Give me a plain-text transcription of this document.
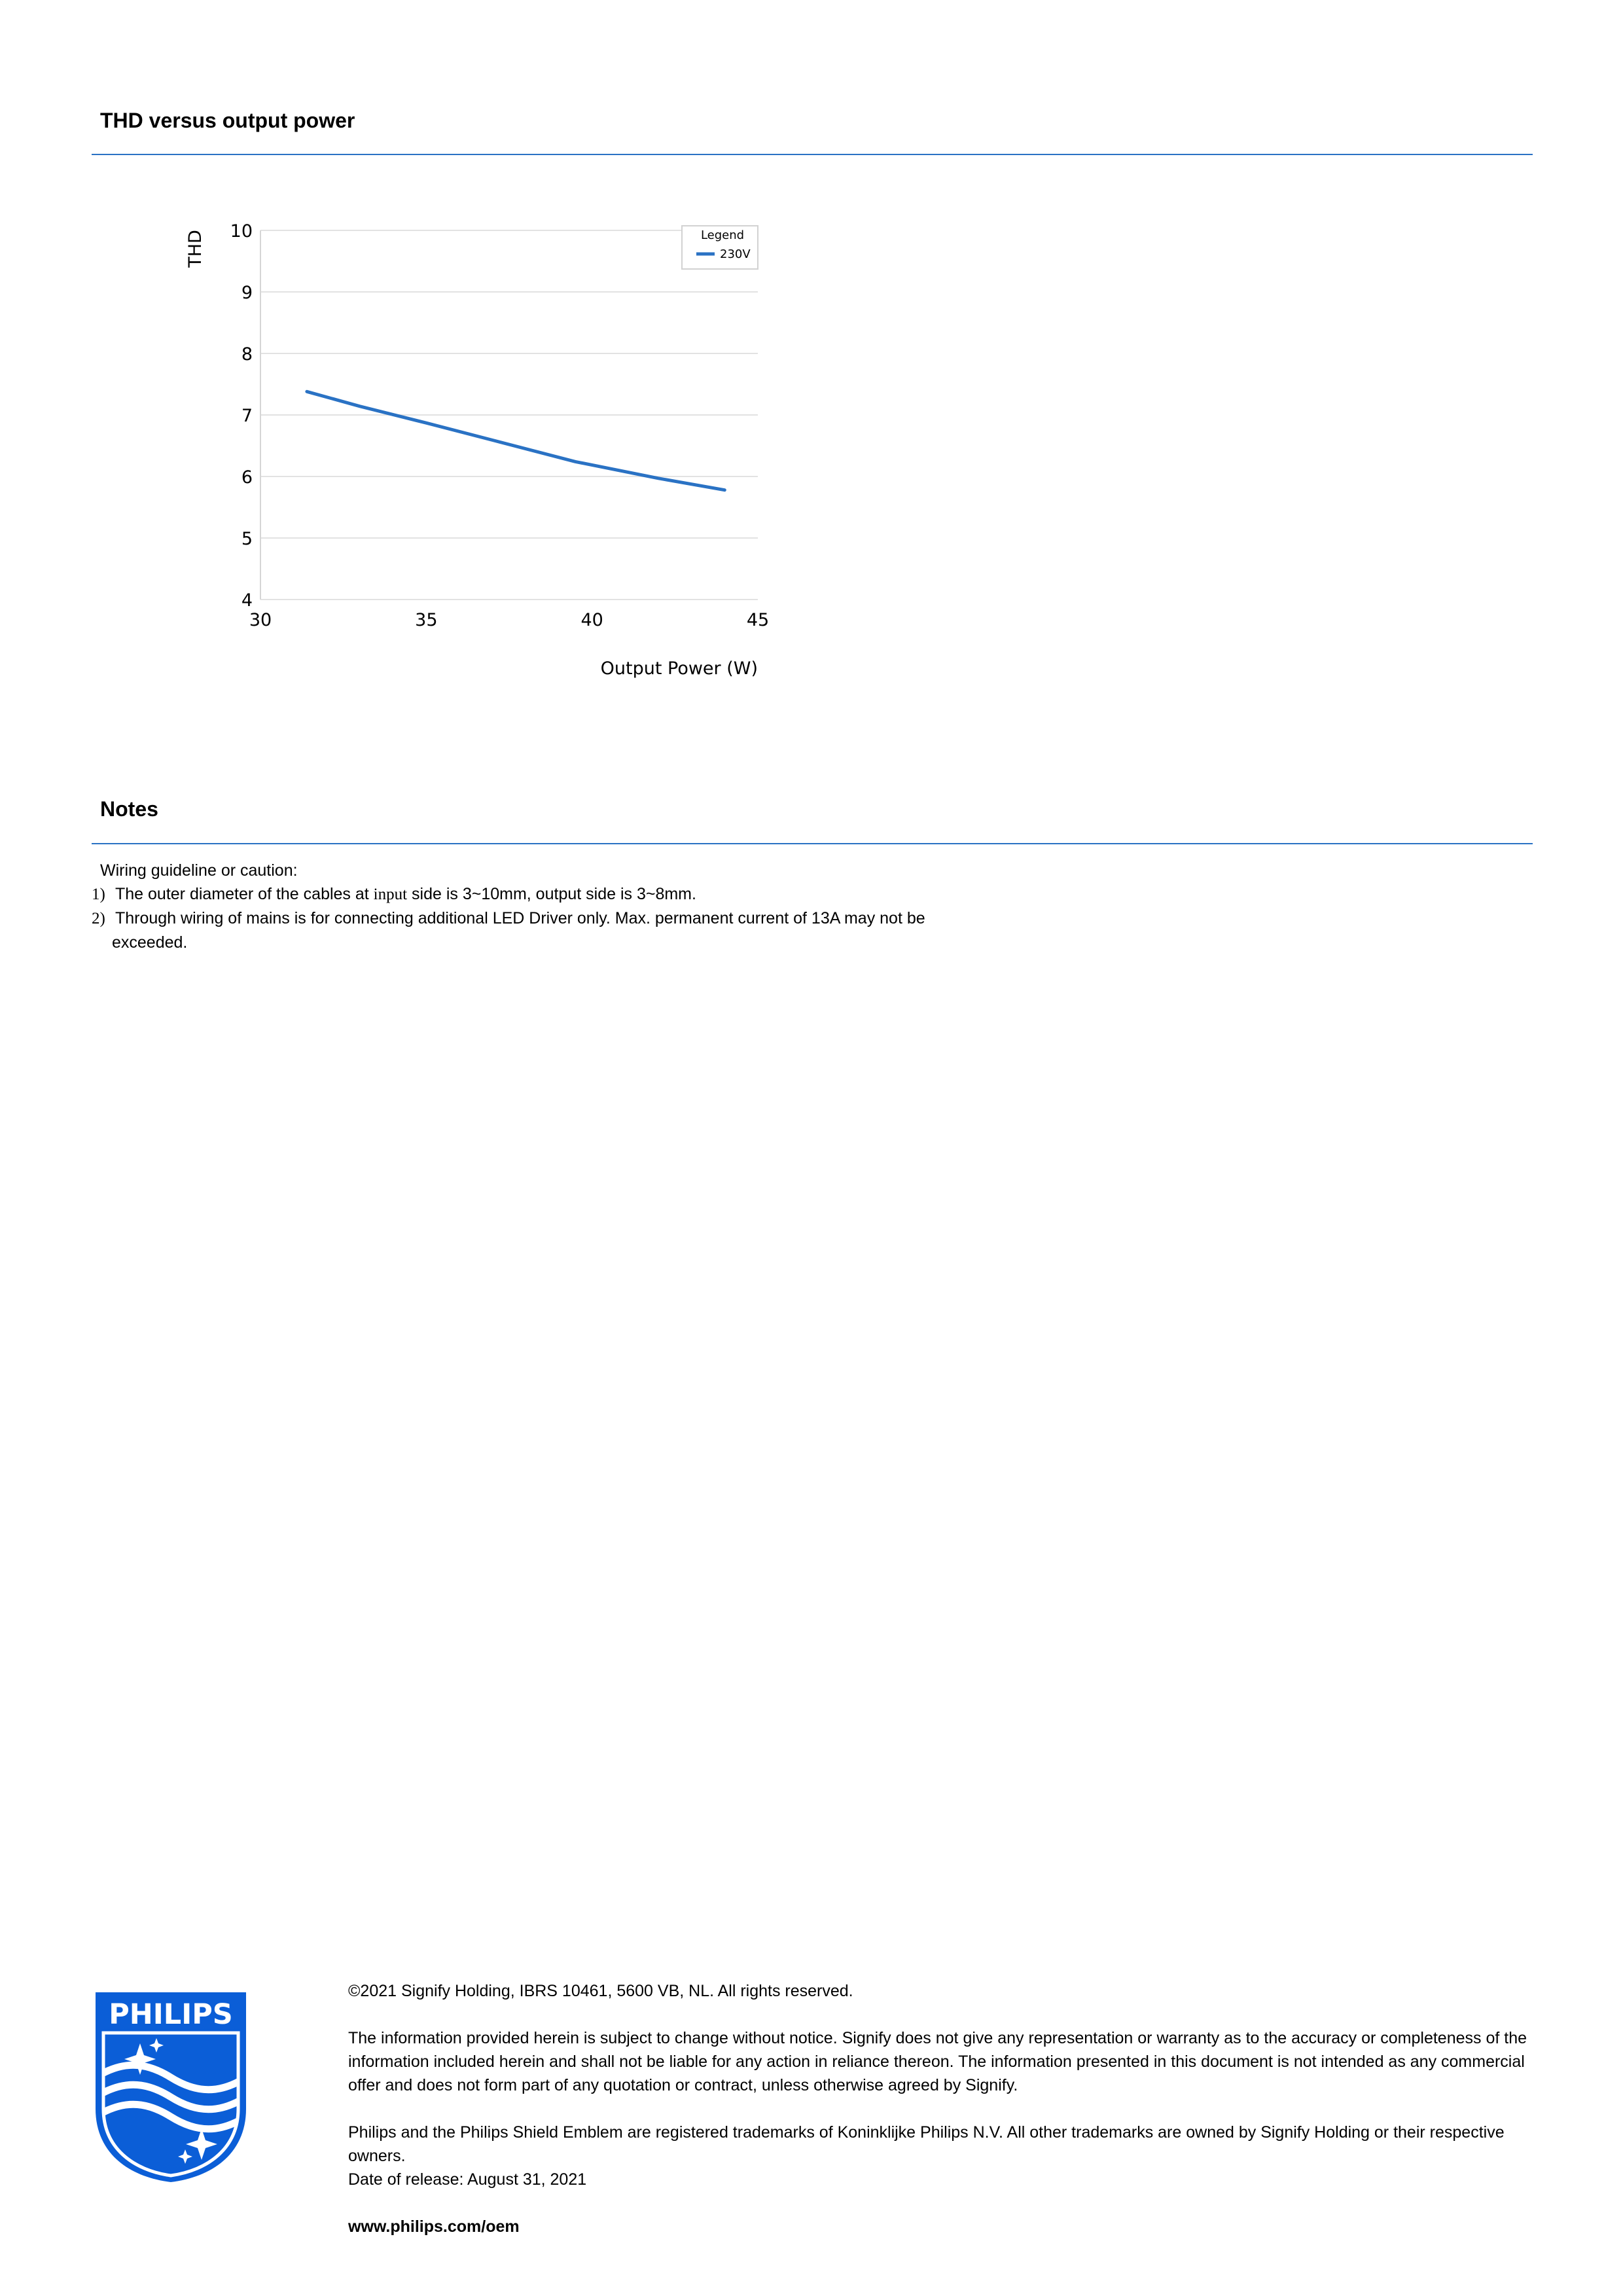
THD versus output power
4
5
6
7
8
9
10
30	35	40	45
THD
Output Power (W)
Legend
230V
Notes
Wiring guideline or caution:
1) The outer diameter of the cables at input side is 3~10mm, output side is 3~8mm.
2) Through wiring of mains is for connecting additional LED Driver only. Max. permanent current of 13A may not be
exceeded.
PHILIPS

©2021 Signify Holding, IBRS 10461, 5600 VB, NL. All rights reserved.

The information provided herein is subject to change without notice. Signify does not give any representation or warranty as to the accuracy or completeness of the information included herein and shall not be liable for any action in reliance thereon. The information presented in this document is not intended as any commercial offer and does not form part of any quotation or contract, unless otherwise agreed by Signify.

Philips and the Philips Shield Emblem are registered trademarks of Koninklijke Philips N.V. All other trademarks are owned by Signify Holding or their respective owners.

Date of release: August 31, 2021

www.philips.com/oem
